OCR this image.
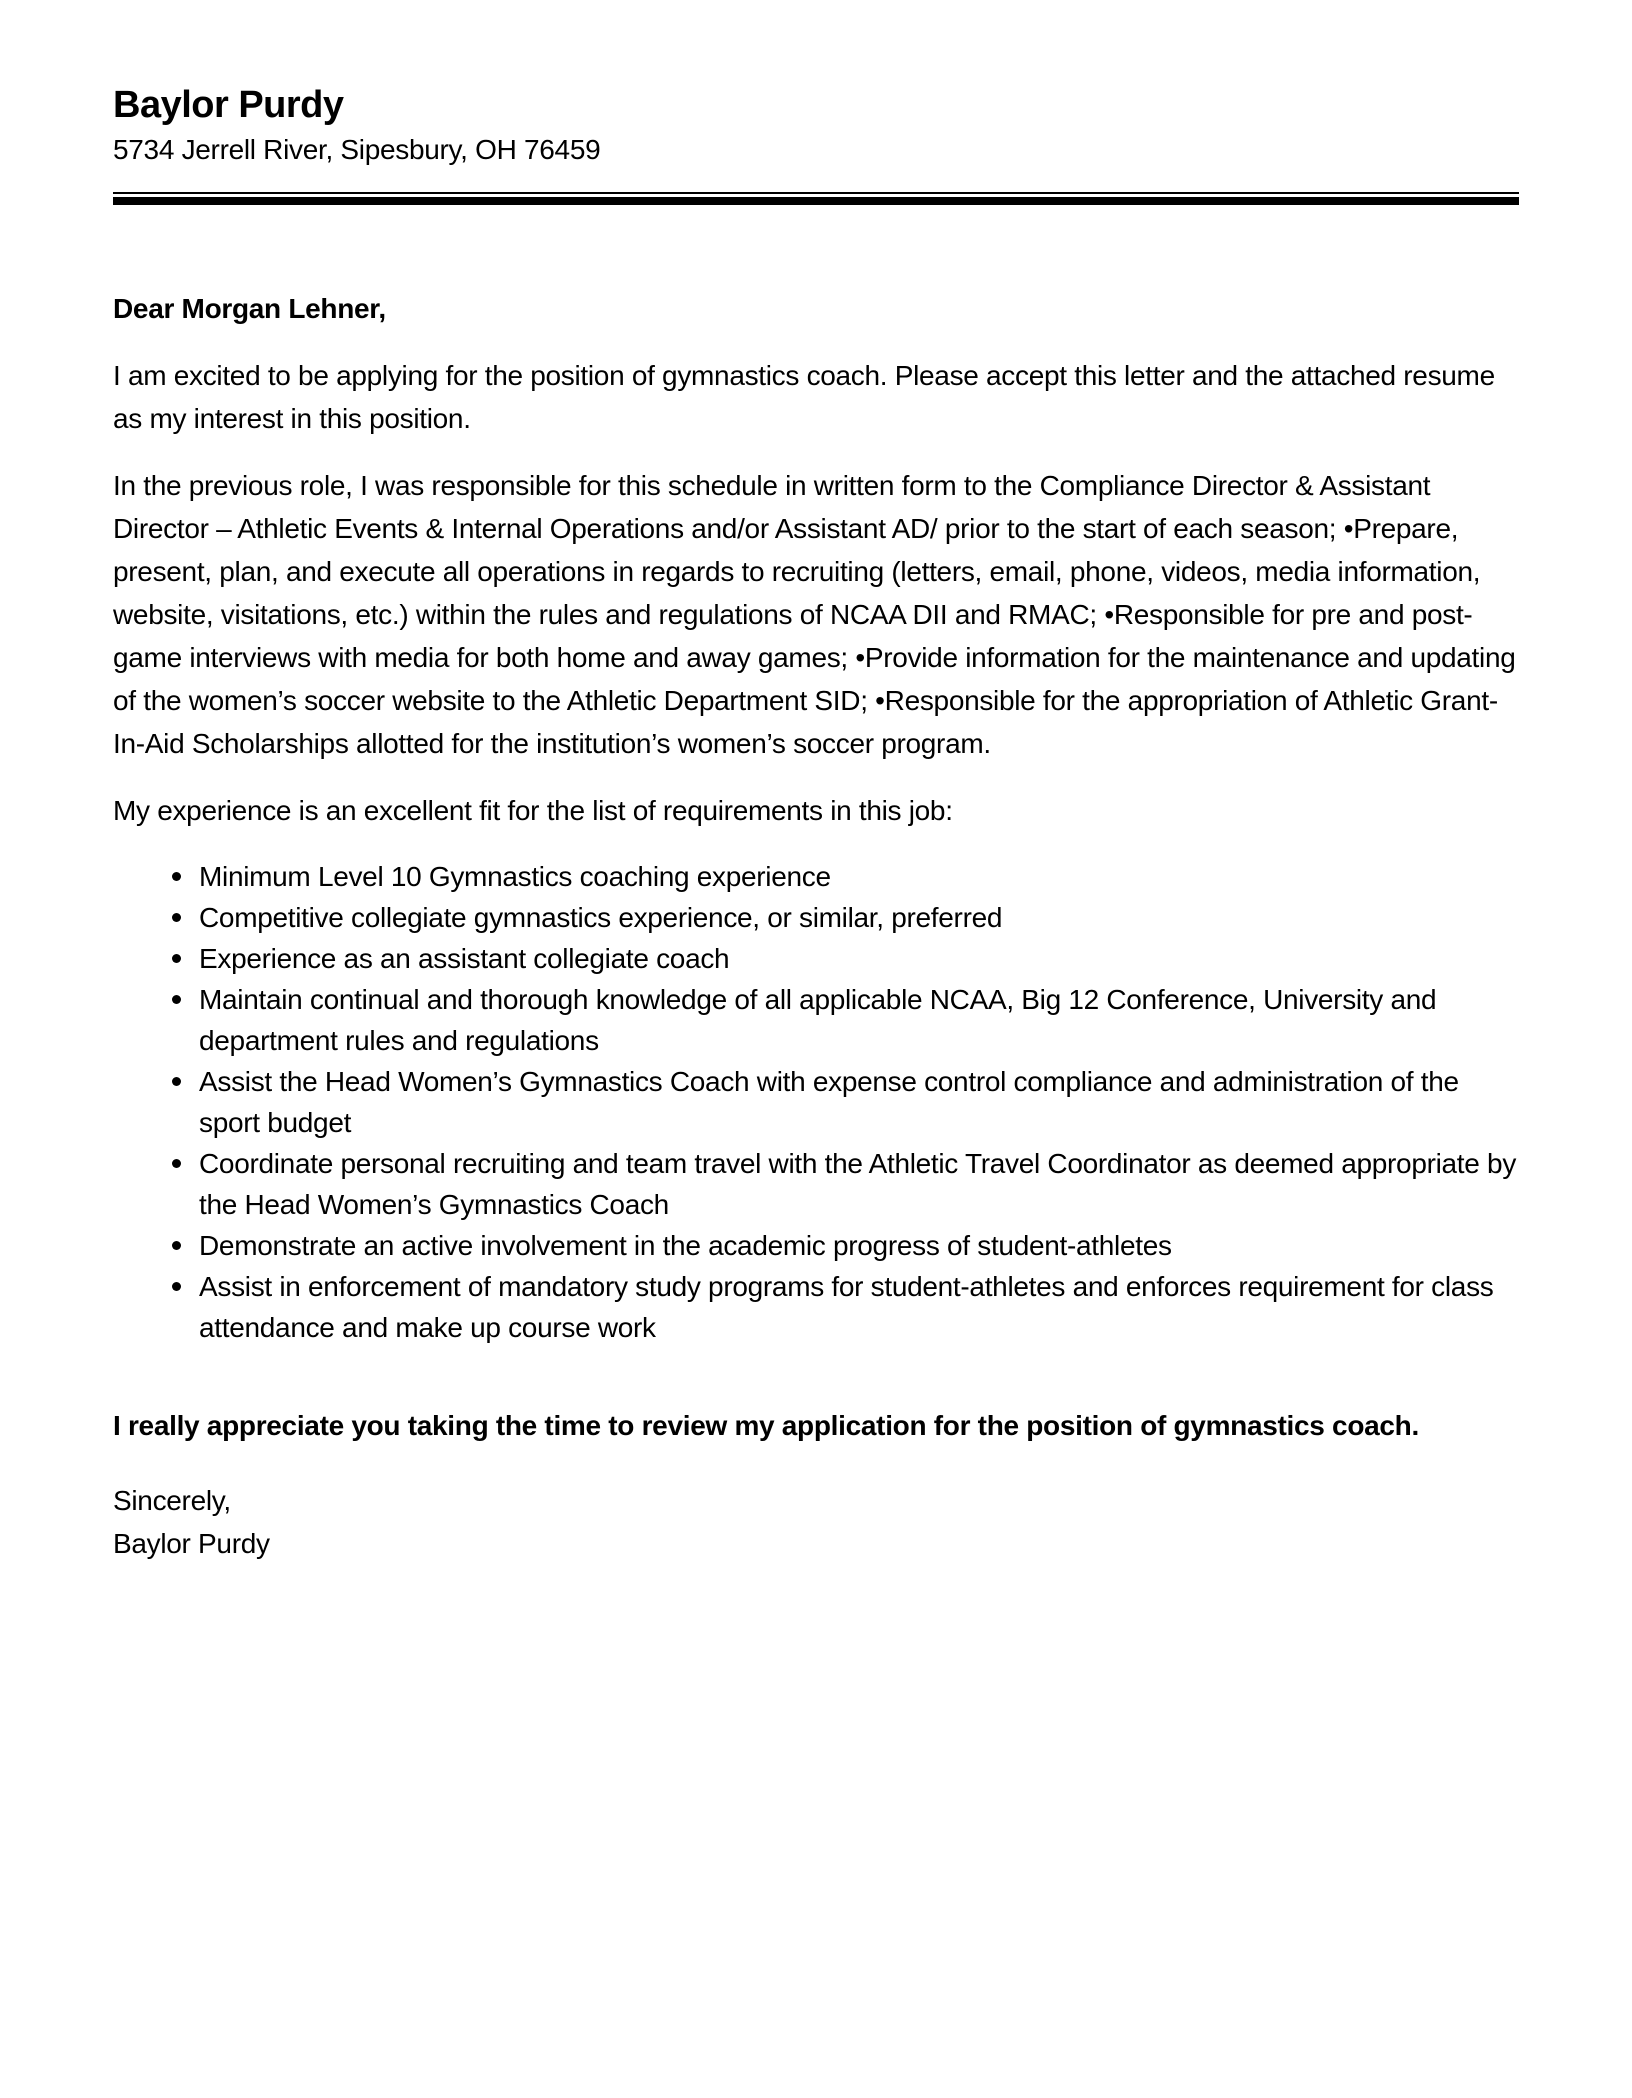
Baylor Purdy
5734 Jerrell River, Sipesbury, OH 76459

Dear Morgan Lehner,

I am excited to be applying for the position of gymnastics coach. Please accept this letter and the attached resume as my interest in this position.

In the previous role, I was responsible for this schedule in written form to the Compliance Director & Assistant Director – Athletic Events & Internal Operations and/or Assistant AD/ prior to the start of each season; •Prepare, present, plan, and execute all operations in regards to recruiting (letters, email, phone, videos, media information, website, visitations, etc.) within the rules and regulations of NCAA DII and RMAC; •Responsible for pre and post-game interviews with media for both home and away games; •Provide information for the maintenance and updating of the women’s soccer website to the Athletic Department SID; •Responsible for the appropriation of Athletic Grant-In-Aid Scholarships allotted for the institution’s women’s soccer program.

My experience is an excellent fit for the list of requirements in this job:

Minimum Level 10 Gymnastics coaching experience
Competitive collegiate gymnastics experience, or similar, preferred
Experience as an assistant collegiate coach
Maintain continual and thorough knowledge of all applicable NCAA, Big 12 Conference, University and department rules and regulations
Assist the Head Women’s Gymnastics Coach with expense control compliance and administration of the sport budget
Coordinate personal recruiting and team travel with the Athletic Travel Coordinator as deemed appropriate by the Head Women’s Gymnastics Coach
Demonstrate an active involvement in the academic progress of student-athletes
Assist in enforcement of mandatory study programs for student-athletes and enforces requirement for class attendance and make up course work

I really appreciate you taking the time to review my application for the position of gymnastics coach.

Sincerely,

Baylor Purdy
